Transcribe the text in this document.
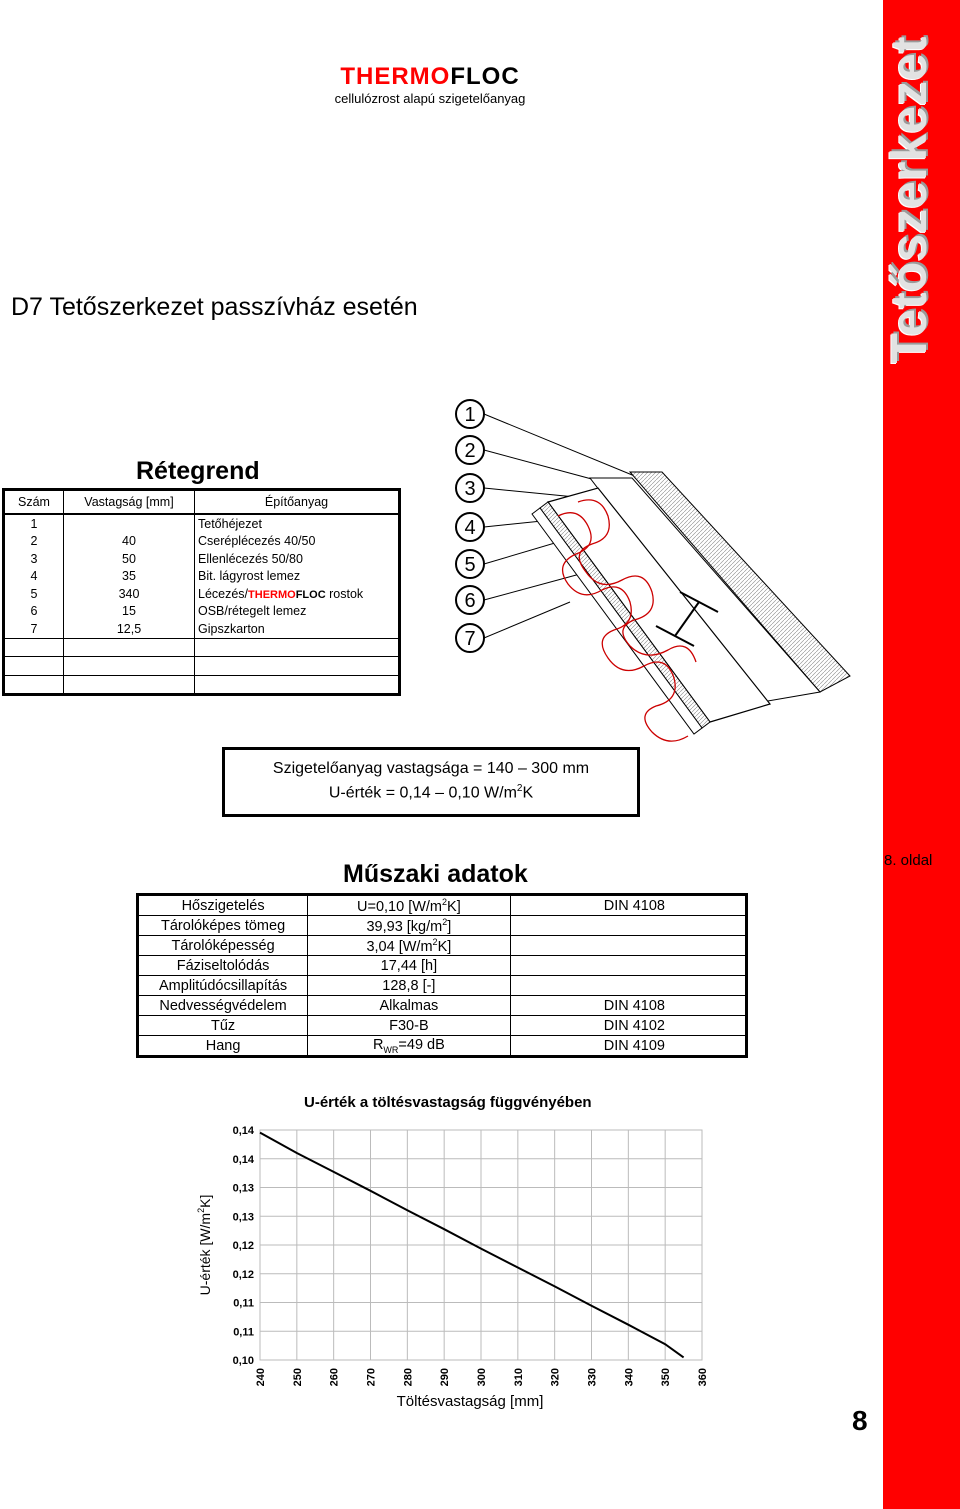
Tetőszerkezet
THERMOFLOC
cellulózrost alapú szigetelőanyag
D7 Tetőszerkezet passzívház esetén
Rétegrend
Szám	Vastagság [mm]	Építőanyag
1		Tetőhéjezet
2	40	Cseréplécezés 40/50
3	50	Ellenlécezés 50/80
4	35	Bit. lágyrost lemez
5	340	Lécezés/THERMOFLOC rostok
6	15	OSB/rétegelt lemez
7	12,5	Gipszkarton

1
2
3
4
5
6
7
Szigetelőanyag vastagsága = 140 – 300 mm
U-érték = 0,14 – 0,10 $W/m^2K$
Műszaki adatok	8. oldal
Hőszigetelés	U=0,10 $[W/m^2K]$	DIN 4108
Tárolóképes tömeg	39,93 $[kg/m^2]$	
Tárolóképesség	3,04 $[W/m^2K]$	
Fáziseltolódás	17,44 [h]	
Amplitúdócsillapítás	128,8 [-]	
Nedvességvédelem	Alkalmas	DIN 4108
Tűz	F30-B	DIN 4102
Hang	$R_{WR}=49$ dB	DIN 4109
U-érték a töltésvastagság függvényében
0,10
0,11
0,11
0,12
0,12
0,13
0,13
0,14
0,14
240 250 260 270 280 290 300 310 320 330 340 350 360
U-érték $[W/m^2K]$
Töltésvastagság [mm]
8
